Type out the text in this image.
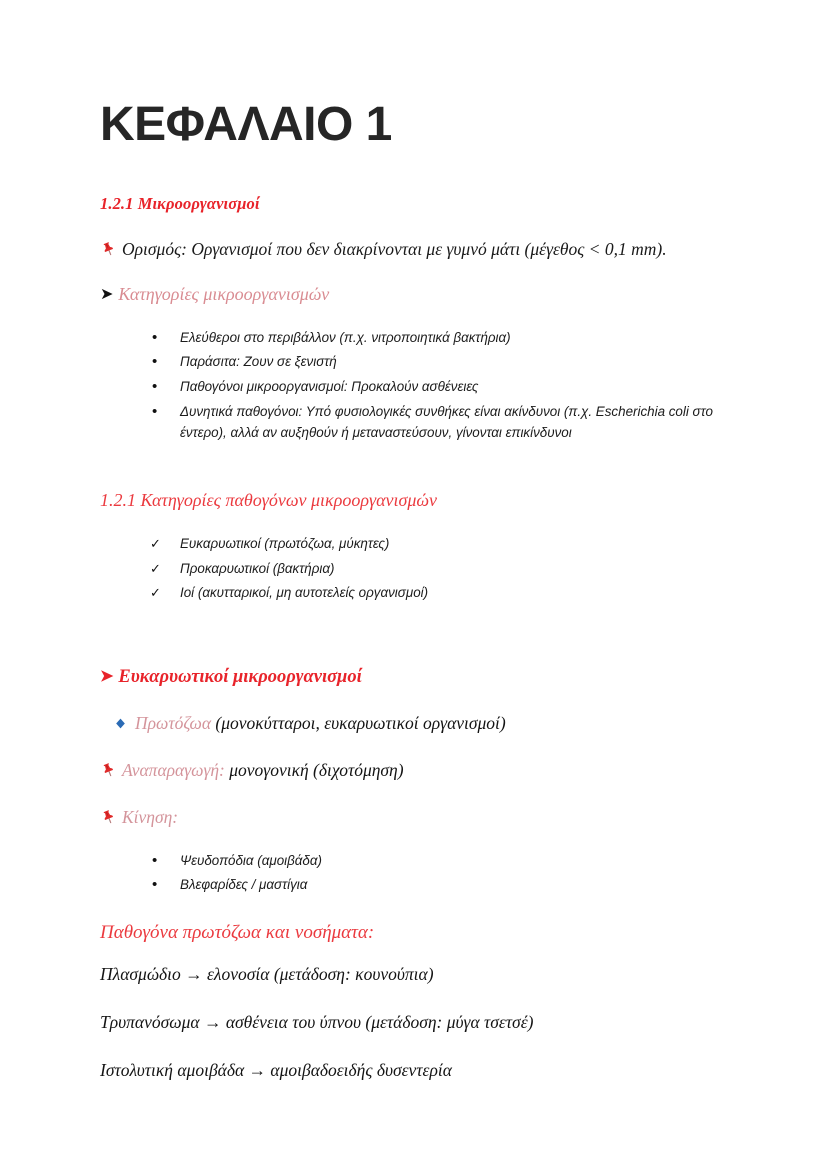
ΚΕΦΑΛΑΙΟ 1
1.2.1 Μικροοργανισμοί

Ορισμός: Οργανισμοί που δεν διακρίνονται με γυμνό μάτι (μέγεθος < 0,1 mm).

➤ Κατηγορίες μικροοργανισμών

• Ελεύθεροι στο περιβάλλον (π.χ. νιτροποιητικά βακτήρια)
• Παράσιτα: Ζουν σε ξενιστή
• Παθογόνοι μικροοργανισμοί: Προκαλούν ασθένειες
• Δυνητικά παθογόνοι: Υπό φυσιολογικές συνθήκες είναι ακίνδυνοι (π.χ. Escherichia coli στο έντερο), αλλά αν αυξηθούν ή μεταναστεύσουν, γίνονται επικίνδυνοι
1.2.1 Κατηγορίες παθογόνων μικροοργανισμών
✓ Ευκαρυωτικοί (πρωτόζωα, μύκητες)
✓ Προκαρυωτικοί (βακτήρια)
✓ Ιοί (ακυτταρικοί, μη αυτοτελείς οργανισμοί)

➤ Ευκαρυωτικοί μικροοργανισμοί

Πρωτόζωα (μονοκύτταροι, ευκαρυωτικοί οργανισμοί)

Αναπαραγωγή: μονογονική (διχοτόμηση)

Κίνηση:

• Ψευδοπόδια (αμοιβάδα)
• Βλεφαρίδες / μαστίγια
Παθογόνα πρωτόζωα και νοσήματα:

Πλασμώδιο → ελονοσία (μετάδοση: κουνούπια)

Τρυπανόσωμα → ασθένεια του ύπνου (μετάδοση: μύγα τσετσέ)

Ιστολυτική αμοιβάδα → αμοιβαδοειδής δυσεντερία
